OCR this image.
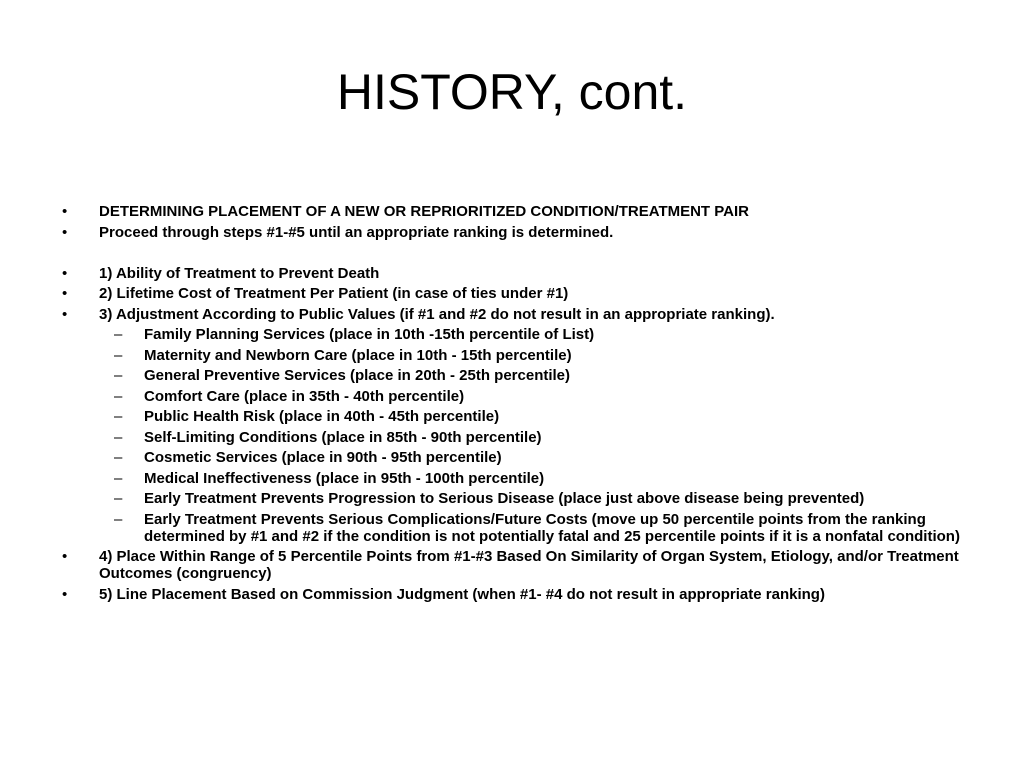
HISTORY, cont.
• DETERMINING PLACEMENT OF A NEW OR REPRIORITIZED CONDITION/TREATMENT PAIR
• Proceed through steps #1-#5 until an appropriate ranking is determined.
• 1) Ability of Treatment to Prevent Death
• 2) Lifetime Cost of Treatment Per Patient (in case of ties under #1)
• 3) Adjustment According to Public Values (if #1 and #2 do not result in an appropriate ranking).
– Family Planning Services (place in 10th -15th percentile of List)
– Maternity and Newborn Care (place in 10th - 15th percentile)
– General Preventive Services (place in 20th - 25th percentile)
– Comfort Care (place in 35th - 40th percentile)
– Public Health Risk (place in 40th - 45th percentile)
– Self-Limiting Conditions (place in 85th - 90th percentile)
– Cosmetic Services (place in 90th - 95th percentile)
– Medical Ineffectiveness (place in 95th - 100th percentile)
– Early Treatment Prevents Progression to Serious Disease (place just above disease being prevented)
– Early Treatment Prevents Serious Complications/Future Costs (move up 50 percentile points from the ranking determined by #1 and #2 if the condition is not potentially fatal and 25 percentile points if it is a nonfatal condition)
• 4) Place Within Range of 5 Percentile Points from #1-#3 Based On Similarity of Organ System, Etiology, and/or Treatment Outcomes (congruency)
• 5) Line Placement Based on Commission Judgment (when #1- #4 do not result in appropriate ranking)
